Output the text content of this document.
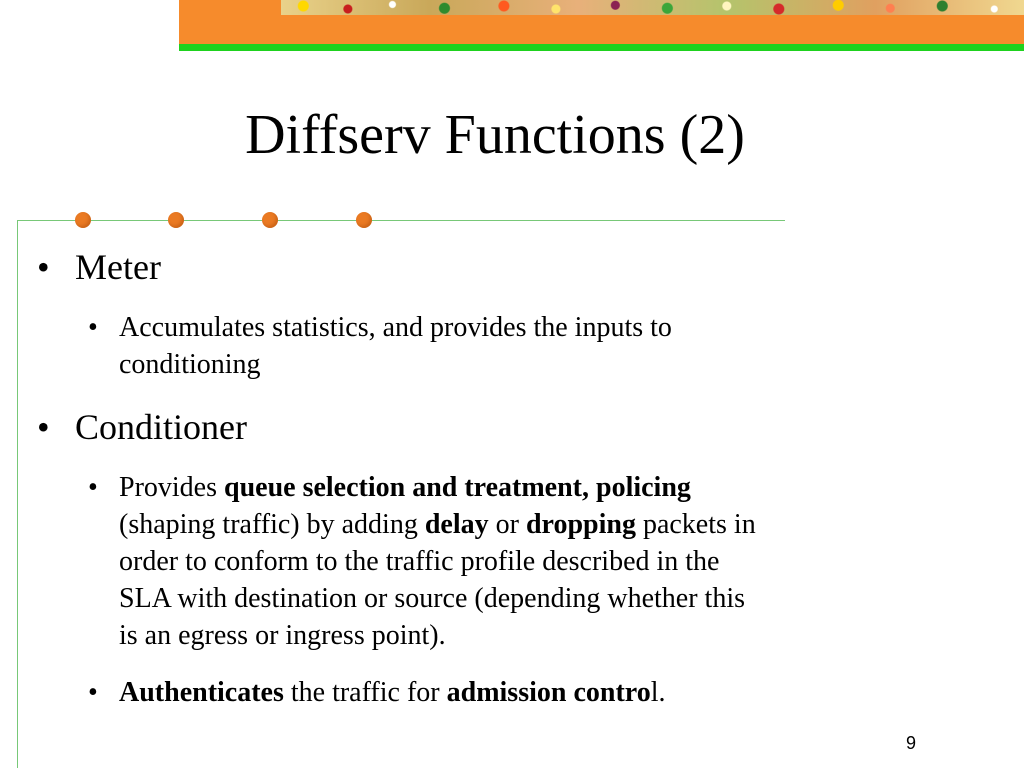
Diffserv Functions (2)
• Meter
• Accumulates statistics, and provides the inputs to
conditioning
• Conditioner
• Provides queue selection and treatment, policing
(shaping traffic) by adding delay or dropping packets in
order to conform to the traffic profile described in the
SLA with destination or source (depending whether this
is an egress or ingress point).
• Authenticates the traffic for admission control.
9
